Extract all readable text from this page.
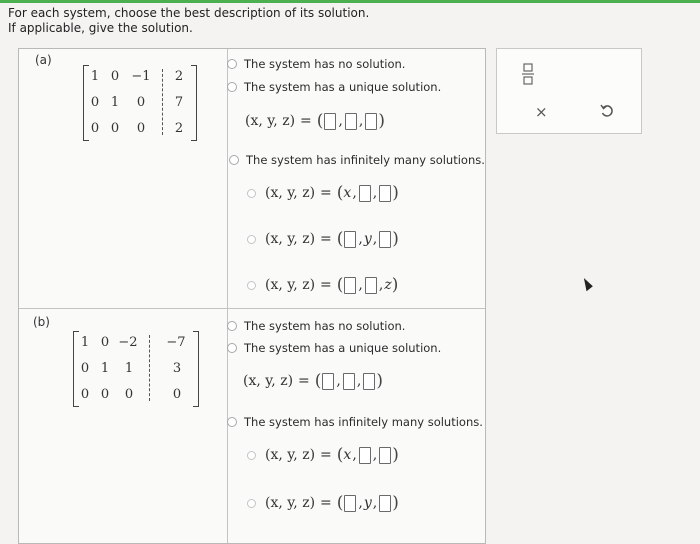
For each system, choose the best description of its solution.
If applicable, give the solution.
(a)
1 0 −1 2
0 1 0 7
0 0 0 2
The system has no solution.
The system has a unique solution.
(x, y, z) = ( , , )
The system has infinitely many solutions.
(x, y, z) = ( x , , )
(x, y, z) = ( , y , )
(x, y, z) = ( , , z )
(b)
1 0 −2 −7
0 1 1	3
0 0 0	0
The system has no solution.
The system has a unique solution.
(x, y, z) = ( , , )
The system has infinitely many solutions.
(x, y, z) = ( x , , )
(x, y, z) = ( , y , )
×
